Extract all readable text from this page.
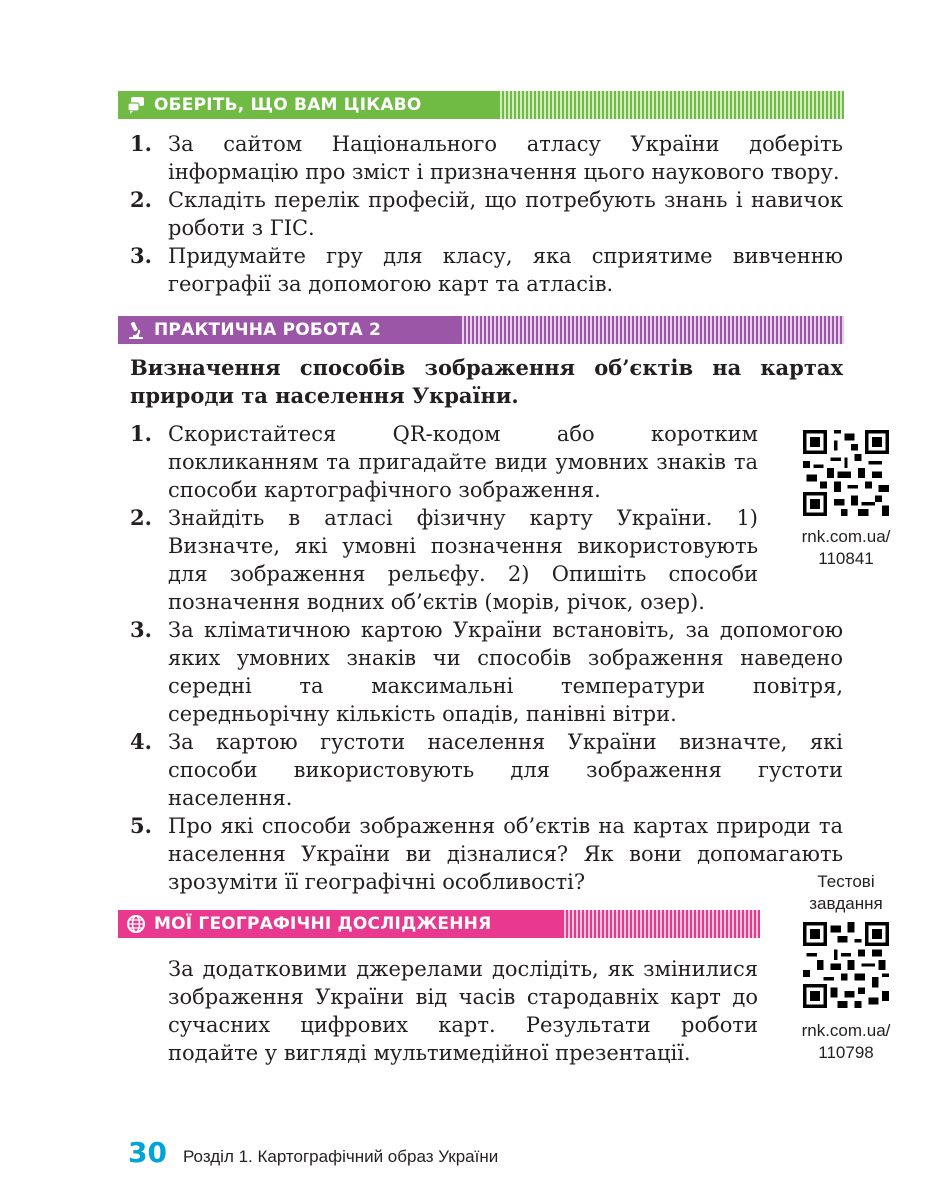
ОБЕРІТЬ, ЩО ВАМ ЦІКАВО
1. За сайтом Національного атласу України доберіть інформацію про зміст і призначення цього наукового твору.
2. Складіть перелік професій, що потребують знань і навичок роботи з ГІС.
3. Придумайте гру для класу, яка сприятиме вивченню географії за допомогою карт та атласів.
ПРАКТИЧНА РОБОТА 2
Визначення способів зображення об’єктів на картах природи та населення України.
1. Скористайтеся QR-кодом або коротким покликанням та пригадайте види умовних знаків та способи картографічного зображення.
2. Знайдіть в атласі фізичну карту України. 1) Визначте, які умовні позначення використовують для зображення рельєфу. 2) Опишіть способи позначення водних об’єктів (морів, річок, озер).
3. За кліматичною картою України встановіть, за допомогою яких умовних знаків чи способів зображення наведено середні та максимальні температури повітря, середньорічну кількість опадів, панівні вітри.
4. За картою густоти населення України визначте, які способи використовують для зображення густоти населення.
5. Про які способи зображення об’єктів на картах природи та населення України ви дізналися? Як вони допомагають зрозуміти її географічні особливості?
rnk.com.ua/ 110841
МОЇ ГЕОГРАФІЧНІ ДОСЛІДЖЕННЯ
Тестові завдання
За додатковими джерелами дослідіть, як змінилися зображення України від часів стародавніх карт до сучасних цифрових карт. Результати роботи подайте у вигляді мультимедійної презентації.
rnk.com.ua/ 110798
30 Розділ 1. Картографічний образ України
